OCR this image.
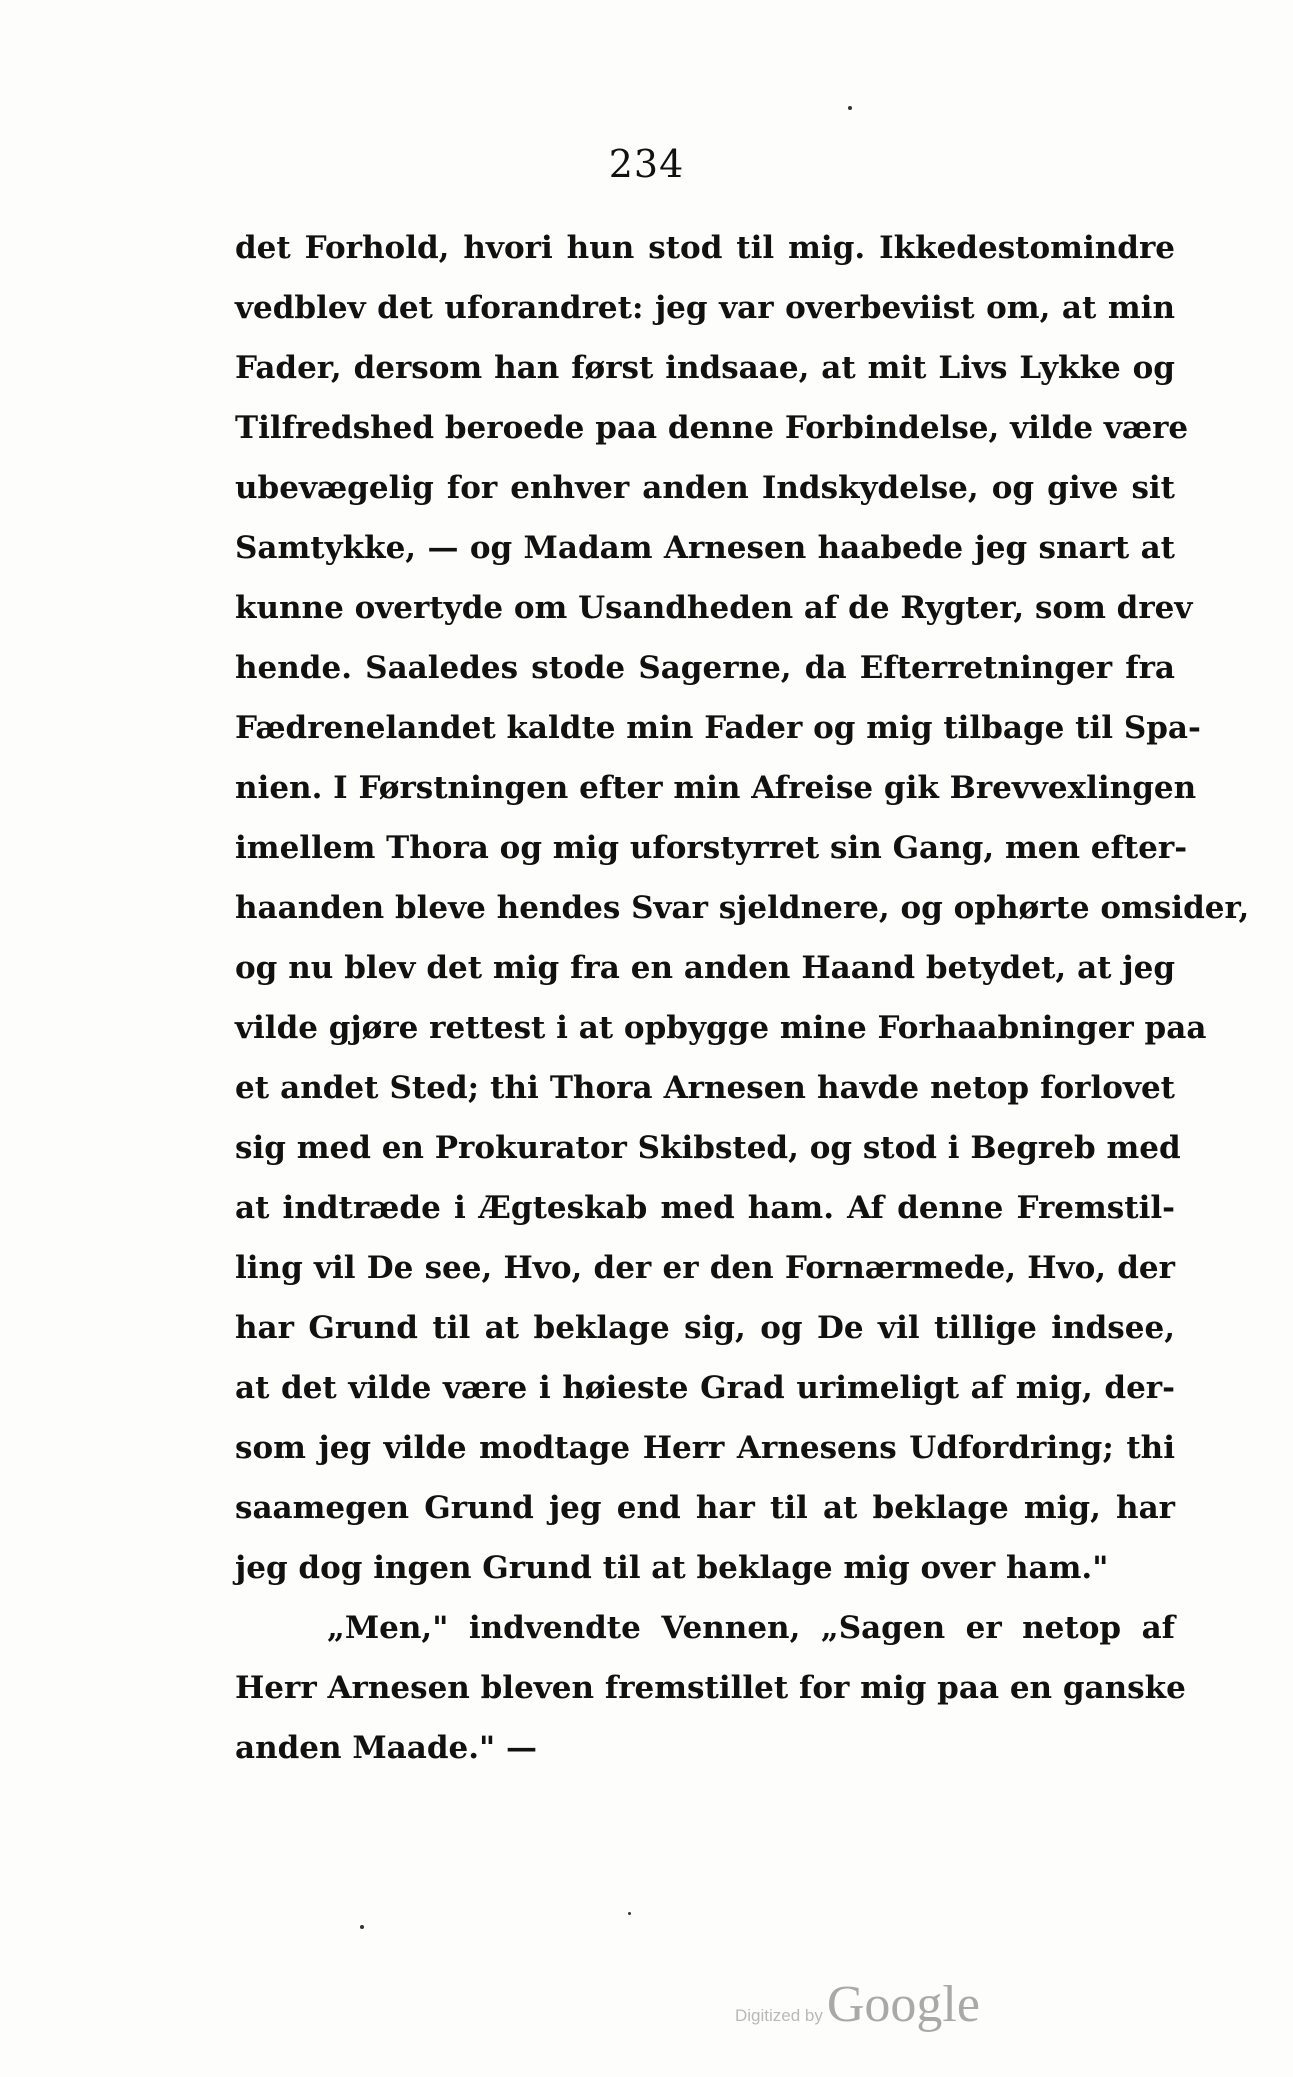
234
det Forhold, hvori hun stod til mig. Ikkedestomindre
vedblev det uforandret: jeg var overbeviist om, at min
Fader, dersom han først indsaae, at mit Livs Lykke og
Tilfredshed beroede paa denne Forbindelse, vilde være
ubevægelig for enhver anden Indskydelse, og give sit
Samtykke, — og Madam Arnesen haabede jeg snart at
kunne overtyde om Usandheden af de Rygter, som drev
hende. Saaledes stode Sagerne, da Efterretninger fra
Fædrenelandet kaldte min Fader og mig tilbage til Spa-
nien. I Førstningen efter min Afreise gik Brevvexlingen
imellem Thora og mig uforstyrret sin Gang, men efter-
haanden bleve hendes Svar sjeldnere, og ophørte omsider,
og nu blev det mig fra en anden Haand betydet, at jeg
vilde gjøre rettest i at opbygge mine Forhaabninger paa
et andet Sted; thi Thora Arnesen havde netop forlovet
sig med en Prokurator Skibsted, og stod i Begreb med
at indtræde i Ægteskab med ham. Af denne Fremstil-
ling vil De see, Hvo, der er den Fornærmede, Hvo, der
har Grund til at beklage sig, og De vil tillige indsee,
at det vilde være i høieste Grad urimeligt af mig, der-
som jeg vilde modtage Herr Arnesens Udfordring; thi
saamegen Grund jeg end har til at beklage mig, har
jeg dog ingen Grund til at beklage mig over ham."
„Men," indvendte Vennen, „Sagen er netop af
Herr Arnesen bleven fremstillet for mig paa en ganske
anden Maade." —
Digitized byGoogle
